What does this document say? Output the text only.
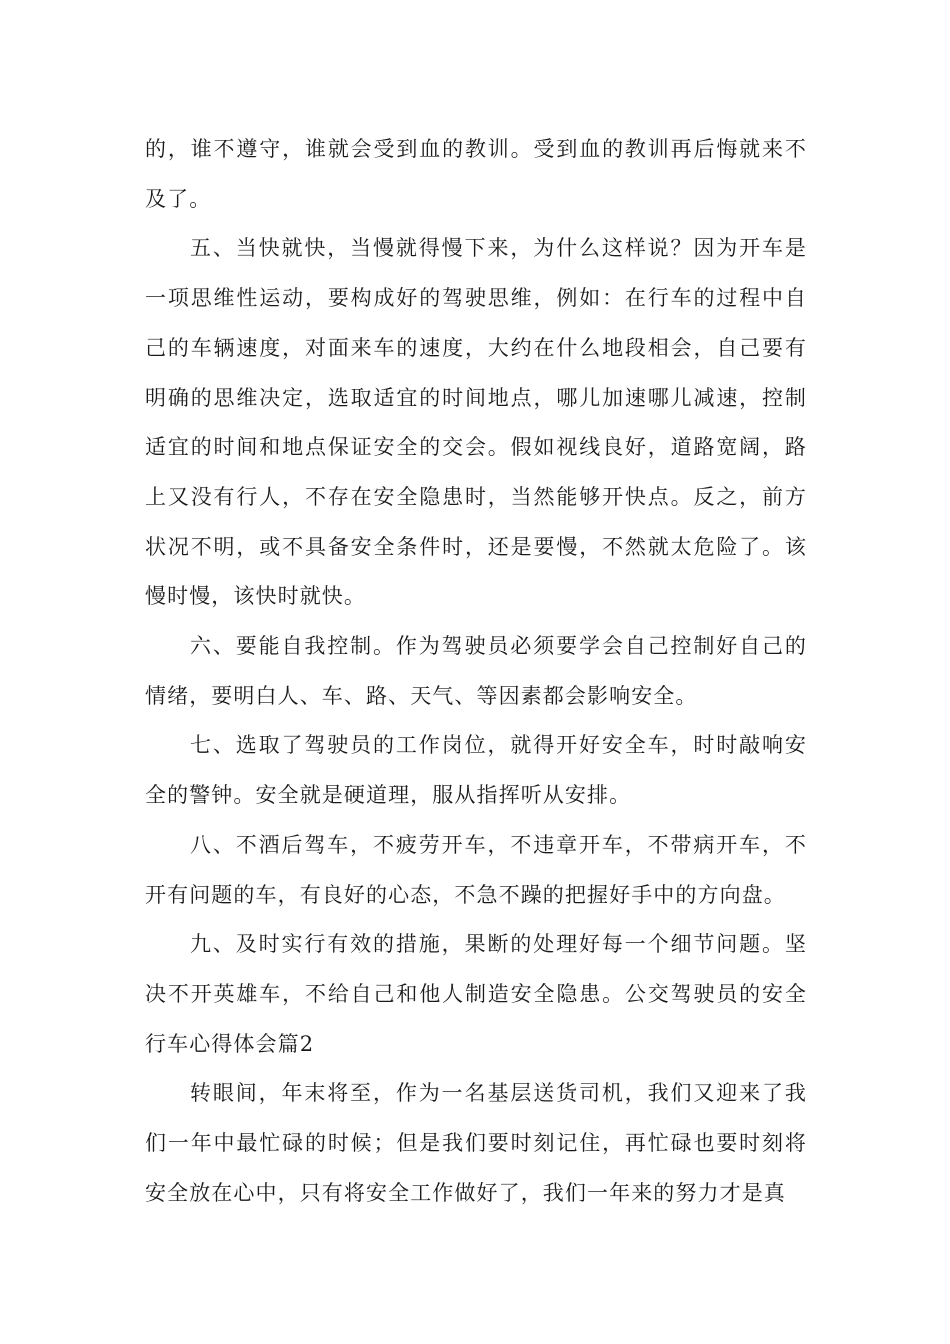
的，谁不遵守，谁就会受到血的教训。受到血的教训再后悔就来不及了。

五、当快就快，当慢就得慢下来，为什么这样说？因为开车是一项思维性运动，要构成好的驾驶思维，例如：在行车的过程中自己的车辆速度，对面来车的速度，大约在什么地段相会，自己要有明确的思维决定，选取适宜的时间地点，哪儿加速哪儿减速，控制适宜的时间和地点保证安全的交会。假如视线良好，道路宽阔，路上又没有行人，不存在安全隐患时，当然能够开快点。反之，前方状况不明，或不具备安全条件时，还是要慢，不然就太危险了。该慢时慢，该快时就快。

六、要能自我控制。作为驾驶员必须要学会自己控制好自己的情绪，要明白人、车、路、天气、等因素都会影响安全。

七、选取了驾驶员的工作岗位，就得开好安全车，时时敲响安全的警钟。安全就是硬道理，服从指挥听从安排。

八、不酒后驾车，不疲劳开车，不违章开车，不带病开车，不开有问题的车，有良好的心态，不急不躁的把握好手中的方向盘。

九、及时实行有效的措施，果断的处理好每一个细节问题。坚决不开英雄车，不给自己和他人制造安全隐患。公交驾驶员的安全行车心得体会篇2

转眼间，年末将至，作为一名基层送货司机，我们又迎来了我们一年中最忙碌的时候；但是我们要时刻记住，再忙碌也要时刻将安全放在心中，只有将安全工作做好了，我们一年来的努力才是真
